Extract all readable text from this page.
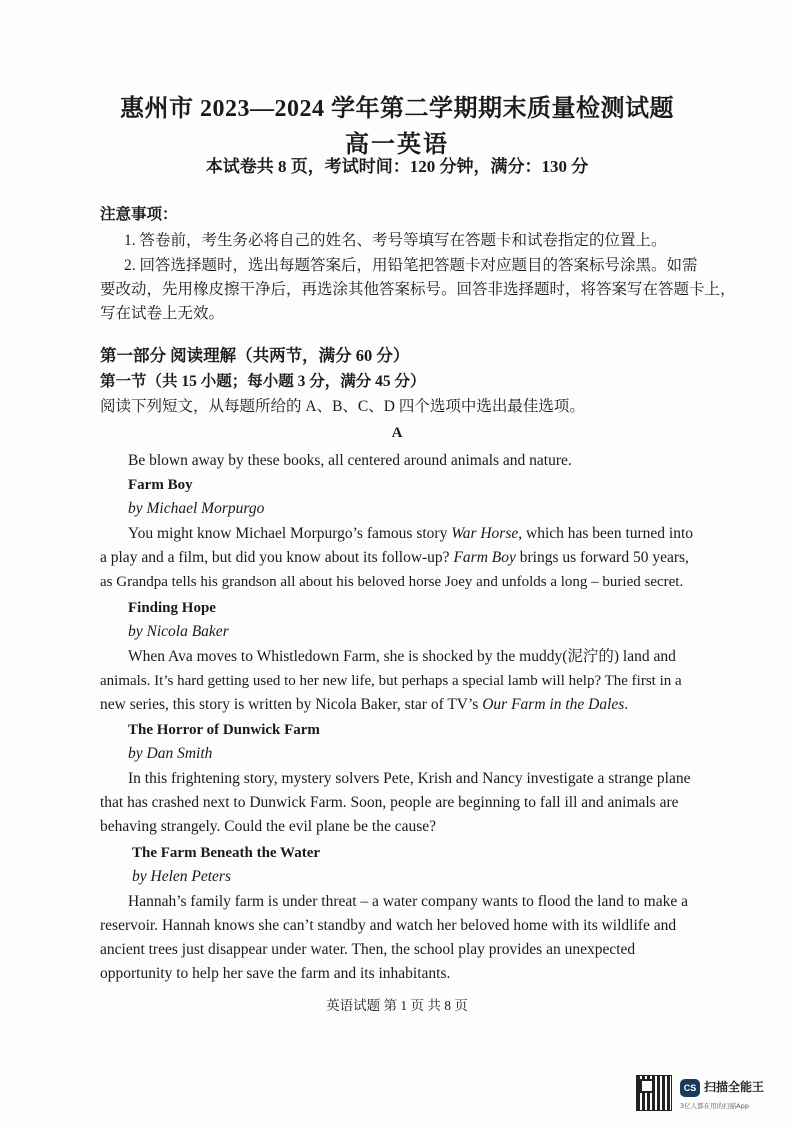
惠州市 2023—2024 学年第二学期期末质量检测试题
高一英语
本试卷共 8 页，考试时间：120 分钟，满分：130 分
注意事项：
1. 答卷前，考生务必将自己的姓名、考号等填写在答题卡和试卷指定的位置上。
2. 回答选择题时，选出每题答案后，用铅笔把答题卡对应题目的答案标号涂黑。如需
要改动，先用橡皮擦干净后，再选涂其他答案标号。回答非选择题时，将答案写在答题卡上，
写在试卷上无效。
第一部分 阅读理解（共两节，满分 60 分）
第一节（共 15 小题；每小题 3 分，满分 45 分）
阅读下列短文，从每题所给的 A、B、C、D 四个选项中选出最佳选项。
A
Be blown away by these books, all centered around animals and nature.
Farm Boy
by Michael Morpurgo
You might know Michael Morpurgo’s famous story War Horse, which has been turned into
a play and a film, but did you know about its follow-up? Farm Boy brings us forward 50 years,
as Grandpa tells his grandson all about his beloved horse Joey and unfolds a long – buried secret.
Finding Hope
by Nicola Baker
When Ava moves to Whistledown Farm, she is shocked by the muddy(泥泞的) land and
animals. It’s hard getting used to her new life, but perhaps a special lamb will help? The first in a
new series, this story is written by Nicola Baker, star of TV’s Our Farm in the Dales.
The Horror of Dunwick Farm
by Dan Smith
In this frightening story, mystery solvers Pete, Krish and Nancy investigate a strange plane
that has crashed next to Dunwick Farm. Soon, people are beginning to fall ill and animals are
behaving strangely. Could the evil plane be the cause?
The Farm Beneath the Water
by Helen Peters
Hannah’s family farm is under threat – a water company wants to flood the land to make a
reservoir. Hannah knows she can’t standby and watch her beloved home with its wildlife and
ancient trees just disappear under water. Then, the school play provides an unexpected
opportunity to help her save the farm and its inhabitants.
英语试题 第 1 页 共 8 页
CS 扫描全能王
3亿人都在用的扫描App
